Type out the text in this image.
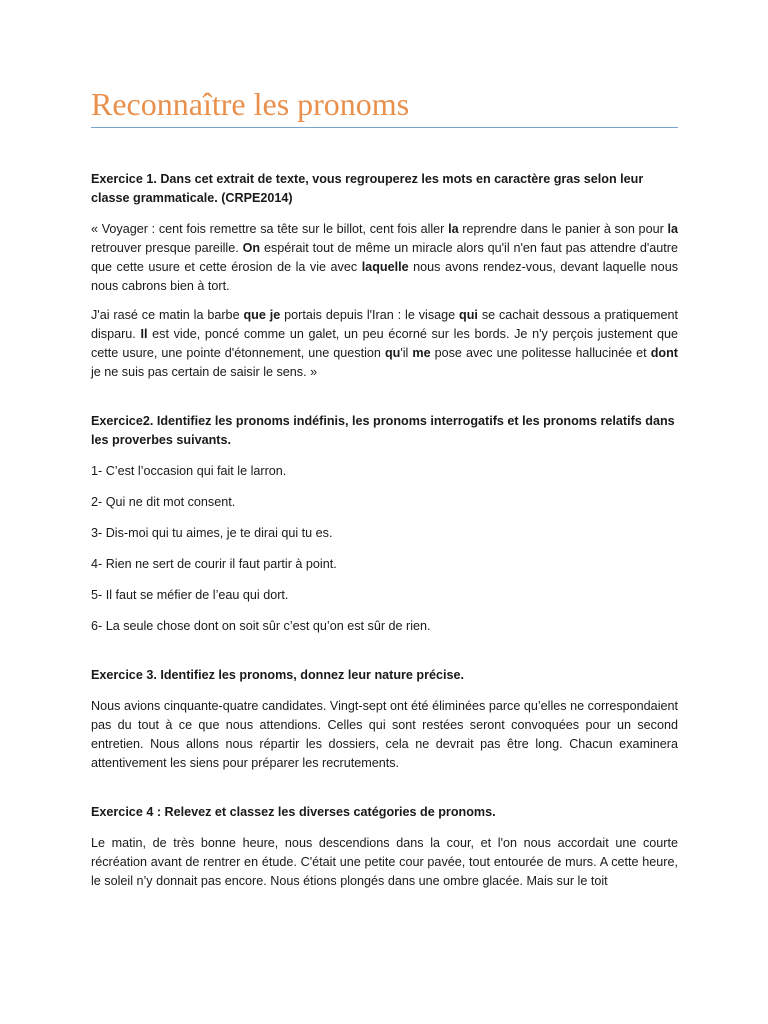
Reconnaître les pronoms

Exercice 1. Dans cet extrait de texte, vous regrouperez les mots en caractère gras selon leur classe grammaticale. (CRPE2014)

« Voyager : cent fois remettre sa tête sur le billot, cent fois aller la reprendre dans le panier à son pour la retrouver presque pareille. On espérait tout de même un miracle alors qu'il n'en faut pas attendre d'autre que cette usure et cette érosion de la vie avec laquelle nous avons rendez-vous, devant laquelle nous nous cabrons bien à tort.

J'ai rasé ce matin la barbe que je portais depuis l'Iran : le visage qui se cachait dessous a pratiquement disparu. Il est vide, poncé comme un galet, un peu écorné sur les bords. Je n'y perçois justement que cette usure, une pointe d'étonnement, une question qu'il me pose avec une politesse hallucinée et dont je ne suis pas certain de saisir le sens. »

Exercice2. Identifiez les pronoms indéfinis, les pronoms interrogatifs et les pronoms relatifs dans les proverbes suivants.

1- C’est l’occasion qui fait le larron.

2- Qui ne dit mot consent.

3- Dis-moi qui tu aimes, je te dirai qui tu es.

4- Rien ne sert de courir il faut partir à point.

5- Il faut se méfier de l’eau qui dort.

6- La seule chose dont on soit sûr c’est qu’on est sûr de rien.

Exercice 3. Identifiez les pronoms, donnez leur nature précise.

Nous avions cinquante-quatre candidates. Vingt-sept ont été éliminées parce qu’elles ne correspondaient pas du tout à ce que nous attendions. Celles qui sont restées seront convoquées pour un second entretien. Nous allons nous répartir les dossiers, cela ne devrait pas être long. Chacun examinera attentivement les siens pour préparer les recrutements.

Exercice 4 : Relevez et classez les diverses catégories de pronoms.

Le matin, de très bonne heure, nous descendions dans la cour, et l'on nous accordait une courte récréation avant de rentrer en étude. C'était une petite cour pavée, tout entourée de murs. A cette heure, le soleil n’y donnait pas encore. Nous étions plongés dans une ombre glacée. Mais sur le toit
